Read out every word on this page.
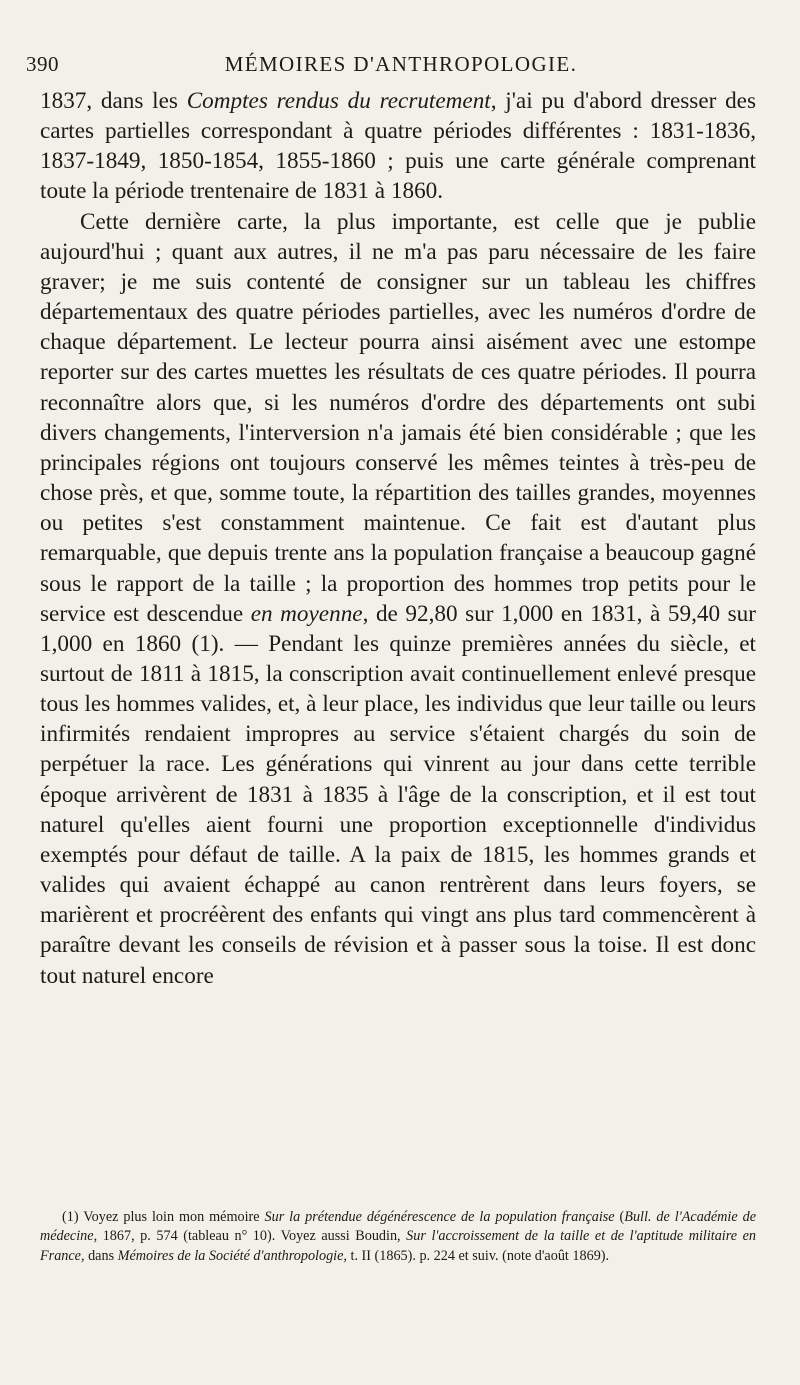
390	MÉMOIRES D'ANTHROPOLOGIE.

1837, dans les Comptes rendus du recrutement, j'ai pu d'abord dresser des cartes partielles correspondant à quatre périodes différentes : 1831-1836, 1837-1849, 1850-1854, 1855-1860 ; puis une carte générale comprenant toute la période trentenaire de 1831 à 1860.

Cette dernière carte, la plus importante, est celle que je publie aujourd'hui ; quant aux autres, il ne m'a pas paru nécessaire de les faire graver; je me suis contenté de consigner sur un tableau les chiffres départementaux des quatre périodes partielles, avec les numéros d'ordre de chaque département. Le lecteur pourra ainsi aisément avec une estompe reporter sur des cartes muettes les résultats de ces quatre périodes. Il pourra reconnaître alors que, si les numéros d'ordre des départements ont subi divers changements, l'interversion n'a jamais été bien considérable ; que les principales régions ont toujours conservé les mêmes teintes à très-peu de chose près, et que, somme toute, la répartition des tailles grandes, moyennes ou petites s'est constamment maintenue. Ce fait est d'autant plus remarquable, que depuis trente ans la population française a beaucoup gagné sous le rapport de la taille ; la proportion des hommes trop petits pour le service est descendue en moyenne, de 92,80 sur 1,000 en 1831, à 59,40 sur 1,000 en 1860 (1). — Pendant les quinze premières années du siècle, et surtout de 1811 à 1815, la conscription avait continuellement enlevé presque tous les hommes valides, et, à leur place, les individus que leur taille ou leurs infirmités rendaient impropres au service s'étaient chargés du soin de perpétuer la race. Les générations qui vinrent au jour dans cette terrible époque arrivèrent de 1831 à 1835 à l'âge de la conscription, et il est tout naturel qu'elles aient fourni une proportion exceptionnelle d'individus exemptés pour défaut de taille. A la paix de 1815, les hommes grands et valides qui avaient échappé au canon rentrèrent dans leurs foyers, se marièrent et procréèrent des enfants qui vingt ans plus tard commencèrent à paraître devant les conseils de révision et à passer sous la toise. Il est donc tout naturel encore

(1) Voyez plus loin mon mémoire Sur la prétendue dégénérescence de la population française (Bull. de l'Académie de médecine, 1867, p. 574 (tableau n° 10). Voyez aussi Boudin, Sur l'accroissement de la taille et de l'aptitude militaire en France, dans Mémoires de la Société d'anthropologie, t. II (1865). p. 224 et suiv. (note d'août 1869).
